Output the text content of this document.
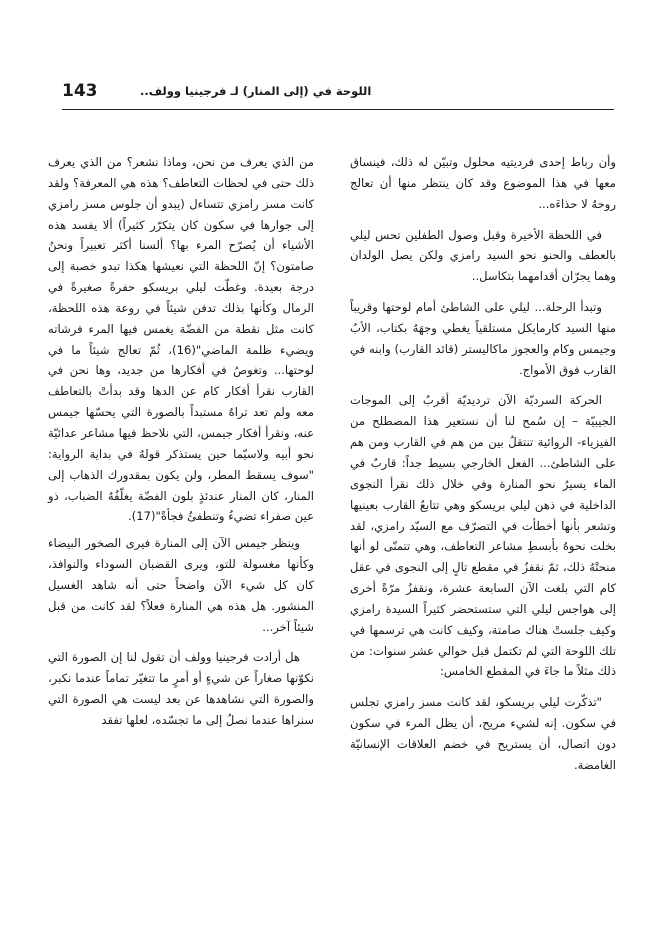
143	اللوحة في (إلى المنار) لـ فرجينيا وولف..

وأن رباط إحدى فرديتيه محلول وتبيّن له ذلك، فينساق معها في هذا الموضوع وقد كان ينتظر منها أن تعالج روحهُ لا حذاءَه...

في اللحظة الأخيرة وقبل وصول الطفلين تحس ليلي بالعطف والحنو نحو السيد رامزي ولكن يصل الولدان وهما يجرّان أقدامهما بتكاسل..

وتبدأ الرحلة... ليلي على الشاطئ أمام لوحتها وقريباً منها السيد كارمايكل مستلقياً يغطي وجهَهُ بكتاب، الأبُ وجيمس وكام والعجوز ماكاليستر (قائد القارب) وابنه في القارب فوق الأمواج.

الحركة السرديّة الآن ترديديّة أقربُ إلى الموجات الجيبيّة – إن سُمح لنا أن نستعير هذا المصطلح من الفيزياء- الروائية تنتقلُ بين من هم في القارب ومن هم على الشاطئ... الفعل الخارجي بسيط جداً: قاربٌ في الماء يسيرُ نحو المنارة وفي خلال ذلك نقرأ النجوى الداخلية في ذهن ليلي بريسكو وهي تتابعُ القارب بعينيها وتشعر بأنها أخطأت في التصرّف مع السيّد رامزي، لقد بخلت نحوهُ بأبسطِ مشاعر التعاطف، وهي تتمنّى لو أنها منحتْهُ ذلك، ثمّ نقفزُ في مقطع تالٍ إلى النجوى في عقل كام التي بلغت الآن السابعة عشرة، ونقفزُ مرّةً أخرى إلى هواجس ليلي التي ستستحضر كثيراً السيدة رامزي وكيف جلستْ هناك صامتة، وكيف كانت هي ترسمها في تلك اللوحة التي لم تكتمل قبل حوالي عشر سنوات: من ذلك مثلاً ما جاءَ في المقطع الخامس:

"تذكّرت ليلي بريسكو، لقد كانت مسز رامزي تجلس في سكون. إنه لشيء مريح، أن يظل المرء في سكون دون اتصال، أن يستريح في خضم العلاقات الإنسانيّة الغامضة.

من الذي يعرف من نحن، وماذا نشعر؟ من الذي يعرف ذلك حتى في لحظات التعاطف؟ هذه هي المعرفة؟ ولقد كانت مسز رامزي تتساءل (يبدو أن جلوس مسز رامزي إلى جوارها في سكون كان يتكرّر كثيراً) ألا يفسد هذه الأشياء أن يُصرّح المرء بها؟ ألسنا أكثر تعبيراً ونحنُ صامتون؟ إنّ اللحظة التي نعيشها هكذا تبدو خصبة إلى درجة بعيدة. وغطّت ليلي بريسكو حفرةً صغيرةً في الرمال وكأنها بذلك تدفن شيئاً في روعة هذه اللحظة، كانت مثل نقطة من الفضّة يغمس فيها المرء فرشاته ويضيء ظلمة الماضي"(16)، ثُمّ تعالج شيئاً ما في لوحتها... وتغوصُ في أفكارها من جديد، وها نحن في القارب نقرأ أفكار كام عن الدها وقد بدأتْ بالتعاطف معه ولم تعد تراهُ مستبداً بالصورة التي يحسّها جيمس عنه، ونقرأ أفكار جيمس، التي نلاحظ فيها مشاعر عدائيّة نحو أبيه ولاسيّما حين يستذكر قولهُ في بداية الرواية: "سوف يسقط المطر، ولن يكون بمقدورك الذهاب إلى المنار، كان المنار عندئذٍ بلون الفضّة يغلّفُهُ الضباب، ذو عين صفراء تضيءُ وتنطفئُ فجأةً"(17).

وينظر جيمس الآن إلى المنارة فيرى الصخور البيضاء وكأنها مغسولة للتو، ويرى القضبان السوداء والنوافذ، كان كل شيء الآن واضحاً حتى أنه شاهد الغسيل المنشور. هل هذه هي المنارة فعلاً؟ لقد كانت من قبل شيئاً آخر...

هل أرادت فرجينيا وولف أن تقول لنا إن الصورة التي نكوّنها صغاراً عن شيءٍ أو أمرٍ ما تتغيّر تماماً عندما نكبر، والصورة التي نشاهدها عن بعد ليست هي الصورة التي سنراها عندما نصلُ إلى ما تجسّده، لعلها تفقد
